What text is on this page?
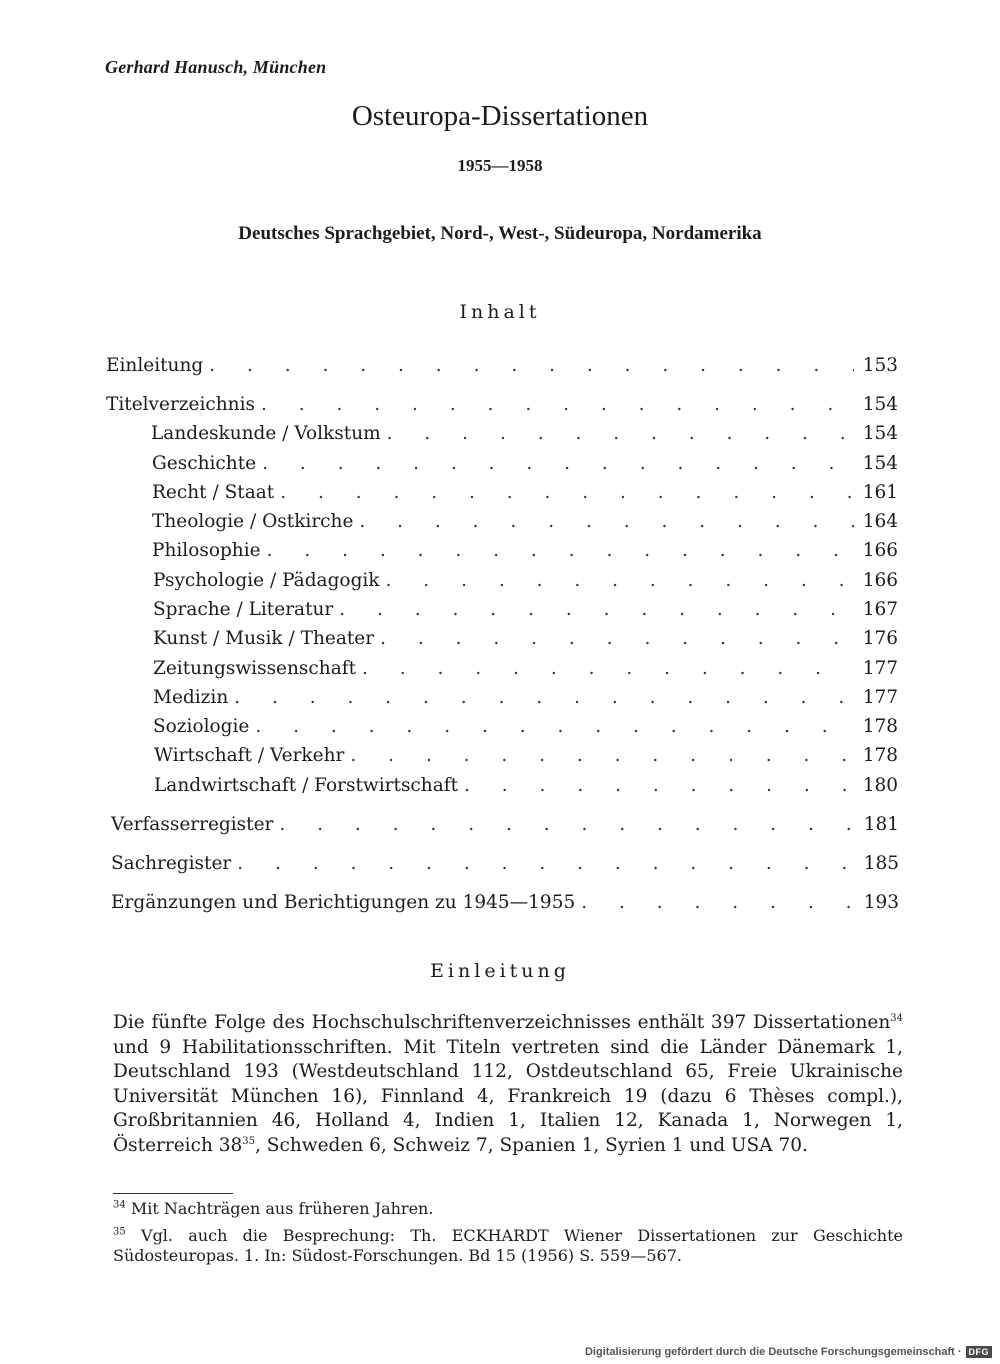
Gerhard Hanusch, München
Osteuropa-Dissertationen
1955—1958
Deutsches Sprachgebiet, Nord-, West-, Südeuropa, Nordamerika
Inhalt
Einleitung . . .	153
Titelverzeichnis . . .	154
Landeskunde / Volkstum . . .	154
Geschichte . . .	154
Recht / Staat . . .	161
Theologie / Ostkirche . . .	164
Philosophie . . .	166
Psychologie / Pädagogik . . .	166
Sprache / Literatur . . .	167
Kunst / Musik / Theater . . .	176
Zeitungswissenschaft . . .	177
Medizin . . .	177
Soziologie . . .	178
Wirtschaft / Verkehr . . .	178
Landwirtschaft / Forstwirtschaft . . .	180
Verfasserregister . . .	181
Sachregister . . .	185
Ergänzungen und Berichtigungen zu 1945—1955 . . .	193
Einleitung

Die fünfte Folge des Hochschulschriftenverzeichnisses enthält 397 Dissertationen$^{34}$ und 9 Habilitationsschriften. Mit Titeln vertreten sind die Länder Dänemark 1, Deutschland 193 (Westdeutschland 112, Ostdeutschland 65, Freie Ukrainische Universität München 16), Finnland 4, Frankreich 19 (dazu 6 Thèses compl.), Großbritannien 46, Holland 4, Indien 1, Italien 12, Kanada 1, Norwegen 1, Österreich $38^{35}$, Schweden 6, Schweiz 7, Spanien 1, Syrien 1 und USA 70.

$^{34}$ Mit Nachträgen aus früheren Jahren.

$^{35}$ Vgl. auch die Besprechung: Th. ECKHARDT Wiener Dissertationen zur Geschichte Südosteuropas. 1. In: Südost-Forschungen. Bd 15 (1956) S. 559—567.

Digitalisierung gefördert durch die Deutsche Forschungsgemeinschaft · DFG
